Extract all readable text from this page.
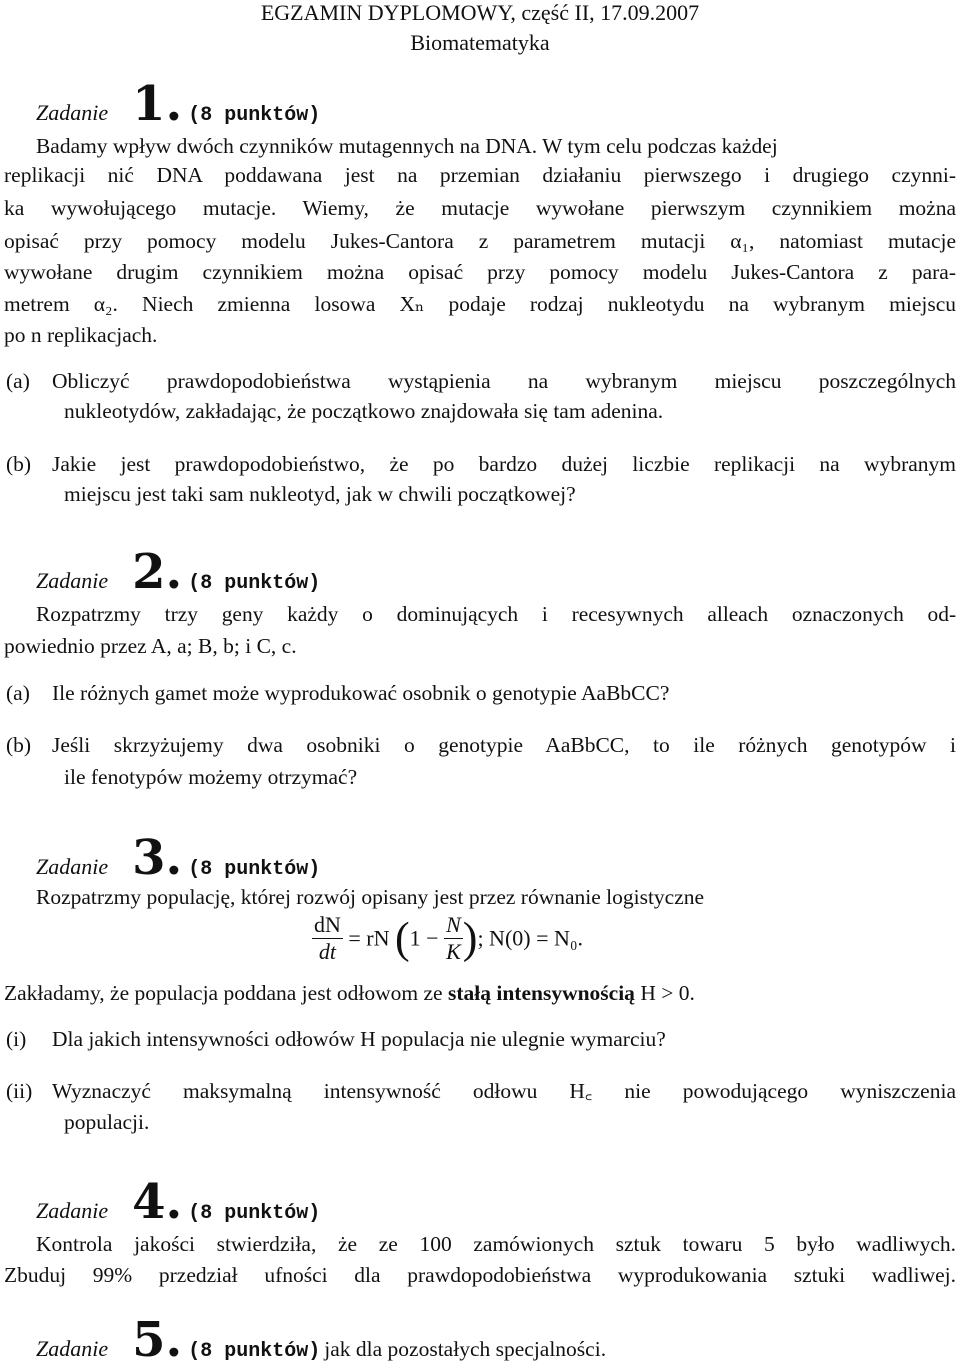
EGZAMIN DYPLOMOWY, część II, 17.09.2007
Biomatematyka
Zadanie 1. (8 punktów)
Badamy wpływ dwóch czynników mutagennych na DNA. W tym celu podczas każdej
replikacji nić DNA poddawana jest na przemian działaniu pierwszego i drugiego czynni-
ka wywołującego mutacje. Wiemy, że mutacje wywołane pierwszym czynnikiem można
opisać przy pomocy modelu Jukes-Cantora z parametrem mutacji α₁, natomiast mutacje
wywołane drugim czynnikiem można opisać przy pomocy modelu Jukes-Cantora z para-
metrem α₂. Niech zmienna losowa Xₙ podaje rodzaj nukleotydu na wybranym miejscu
po n replikacjach.
(a) Obliczyć prawdopodobieństwa wystąpienia na wybranym miejscu poszczególnych
nukleotydów, zakładając, że początkowo znajdowała się tam adenina.
(b) Jakie jest prawdopodobieństwo, że po bardzo dużej liczbie replikacji na wybranym
miejscu jest taki sam nukleotyd, jak w chwili początkowej?
Zadanie 2. (8 punktów)
Rozpatrzmy trzy geny każdy o dominujących i recesywnych alleach oznaczonych od-
powiednio przez A, a; B, b; i C, c.
(a) Ile różnych gamet może wyprodukować osobnik o genotypie AaBbCC?
(b) Jeśli skrzyżujemy dwa osobniki o genotypie AaBbCC, to ile różnych genotypów i
ile fenotypów możemy otrzymać?
Zadanie 3. (8 punktów)
Rozpatrzmy populację, której rozwój opisany jest przez równanie logistyczne
$\frac{dN}{dt}$ = rN ($1 - \frac{N}{K}$ ); N(0) = N₀.
Zakładamy, że populacja poddana jest odłowom ze stałą intensywnością H > 0.
(i) Dla jakich intensywności odłowów H populacja nie ulegnie wymarciu?
(ii) Wyznaczyć maksymalną intensywność odłowu H꜀ nie powodującego wyniszczenia
populacji.
Zadanie 4. (8 punktów)
Kontrola jakości stwierdziła, że ze 100 zamówionych sztuk towaru 5 było wadliwych.
Zbuduj 99% przedział ufności dla prawdopodobieństwa wyprodukowania sztuki wadliwej.
Zadanie 5. (8 punktów) jak dla pozostałych specjalności.
